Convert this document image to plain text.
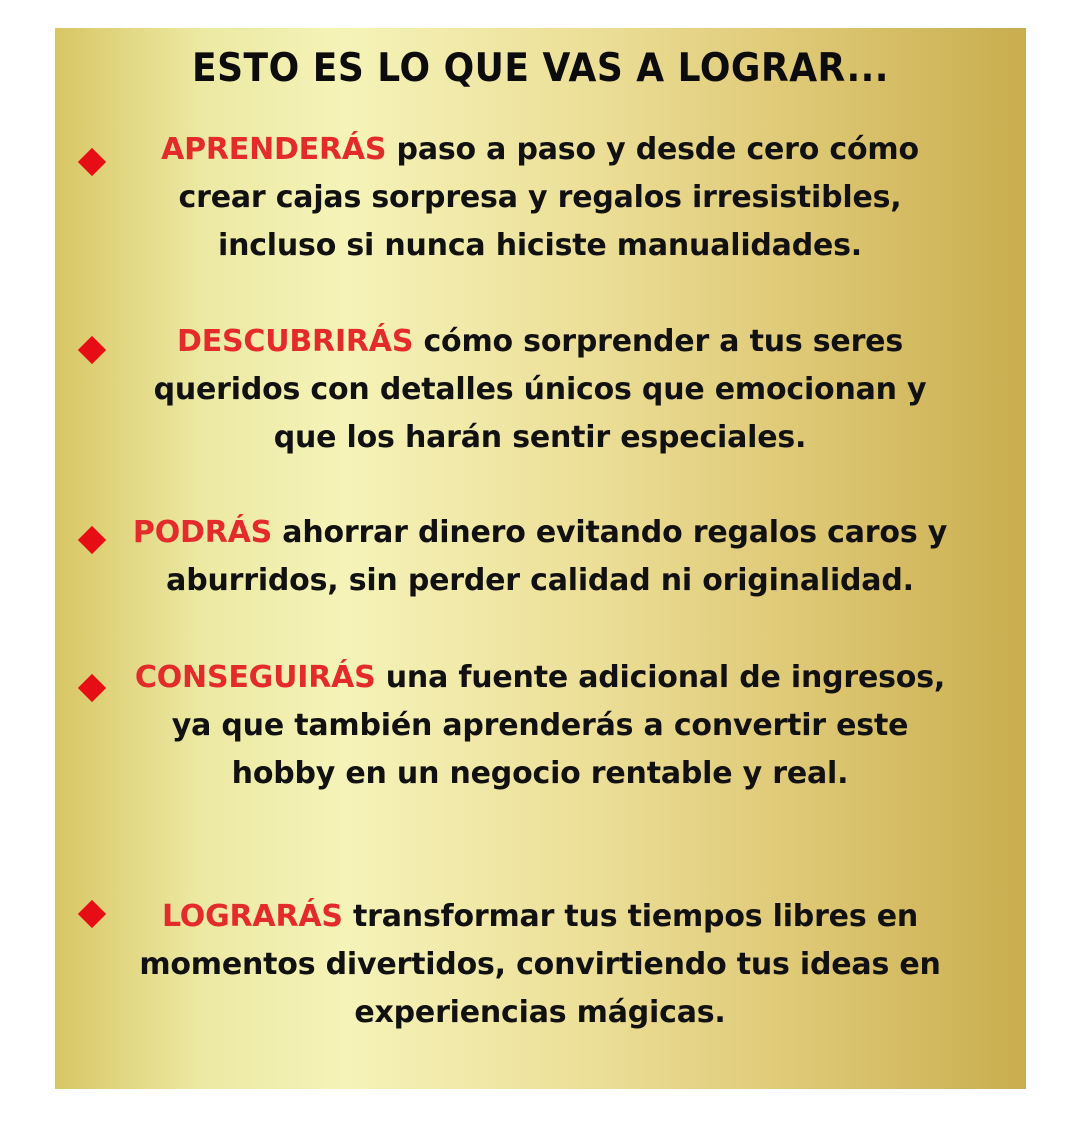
ESTO ES LO QUE VAS A LOGRAR...
APRENDERÁS paso a paso y desde cero cómo crear cajas sorpresa y regalos irresistibles, incluso si nunca hiciste manualidades.
DESCUBRIRÁS cómo sorprender a tus seres queridos con detalles únicos que emocionan y que los harán sentir especiales.
PODRÁS ahorrar dinero evitando regalos caros y aburridos, sin perder calidad ni originalidad.
CONSEGUIRÁS una fuente adicional de ingresos, ya que también aprenderás a convertir este hobby en un negocio rentable y real.
LOGRARÁS transformar tus tiempos libres en momentos divertidos, convirtiendo tus ideas en experiencias mágicas.
